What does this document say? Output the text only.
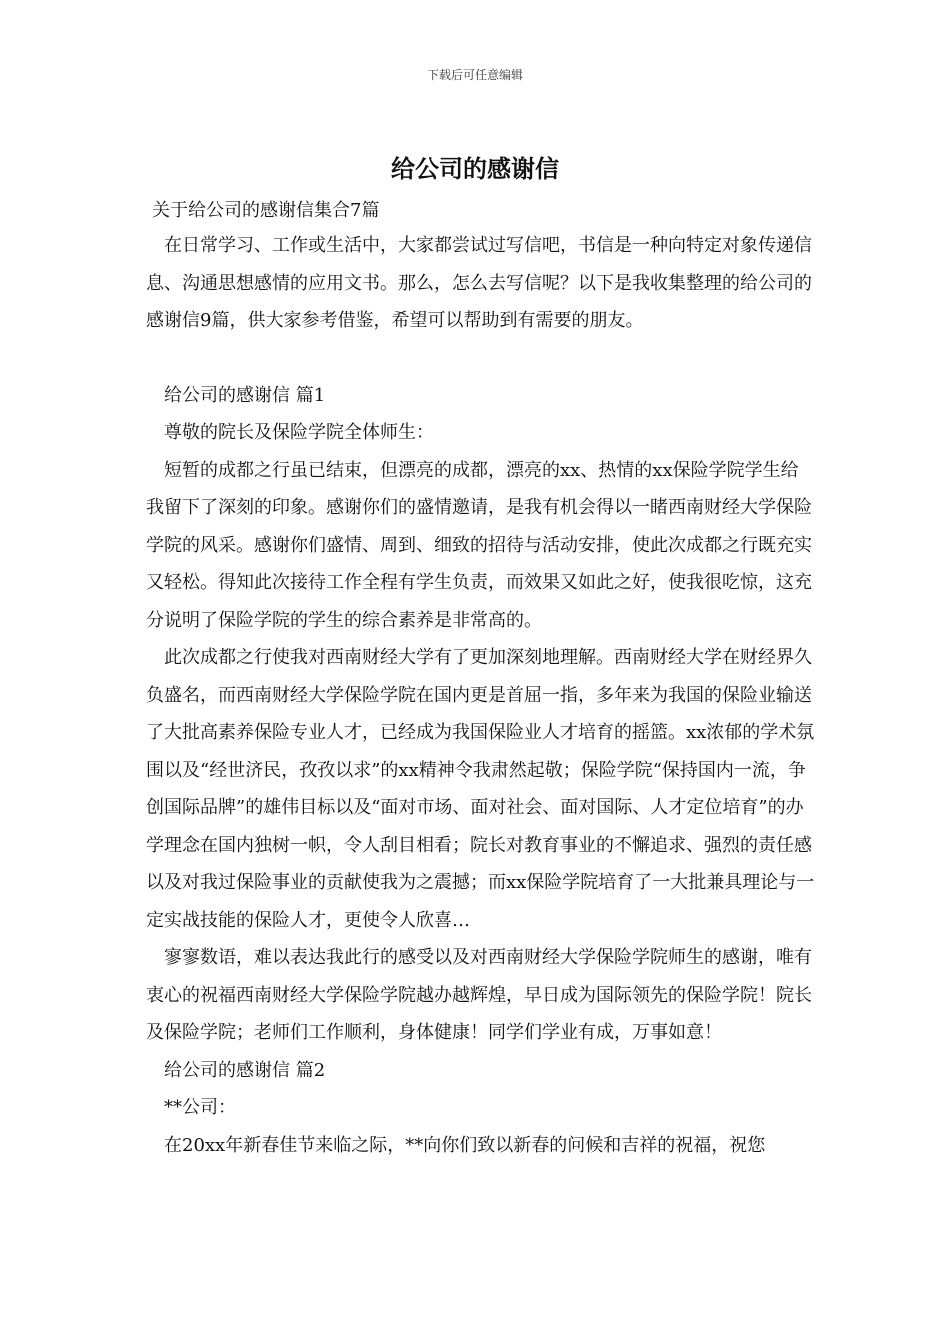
下载后可任意编辑
给公司的感谢信

关于给公司的感谢信集合7篇

在日常学习、工作或生活中，大家都尝试过写信吧，书信是一种向特定对象传递信息、沟通思想感情的应用文书。那么，怎么去写信呢？以下是我收集整理的给公司的感谢信9篇，供大家参考借鉴，希望可以帮助到有需要的朋友。

给公司的感谢信 篇1

尊敬的院长及保险学院全体师生：

短暂的成都之行虽已结束，但漂亮的成都，漂亮的xx、热情的xx保险学院学生给我留下了深刻的印象。感谢你们的盛情邀请，是我有机会得以一睹西南财经大学保险学院的风采。感谢你们盛情、周到、细致的招待与活动安排，使此次成都之行既充实又轻松。得知此次接待工作全程有学生负责，而效果又如此之好，使我很吃惊，这充分说明了保险学院的学生的综合素养是非常高的。

此次成都之行使我对西南财经大学有了更加深刻地理解。西南财经大学在财经界久负盛名，而西南财经大学保险学院在国内更是首屈一指，多年来为我国的保险业输送了大批高素养保险专业人才，已经成为我国保险业人才培育的摇篮。xx浓郁的学术氛围以及“经世济民，孜孜以求”的xx精神令我肃然起敬；保险学院“保持国内一流，争创国际品牌”的雄伟目标以及“面对市场、面对社会、面对国际、人才定位培育”的办学理念在国内独树一帜，令人刮目相看；院长对教育事业的不懈追求、强烈的责任感以及对我过保险事业的贡献使我为之震撼；而xx保险学院培育了一大批兼具理论与一定实战技能的保险人才，更使令人欣喜…

寥寥数语，难以表达我此行的感受以及对西南财经大学保险学院师生的感谢，唯有衷心的祝福西南财经大学保险学院越办越辉煌，早日成为国际领先的保险学院！院长及保险学院；老师们工作顺利，身体健康！同学们学业有成，万事如意！

给公司的感谢信 篇2

**公司：

在20xx年新春佳节来临之际，**向你们致以新春的问候和吉祥的祝福，祝您
